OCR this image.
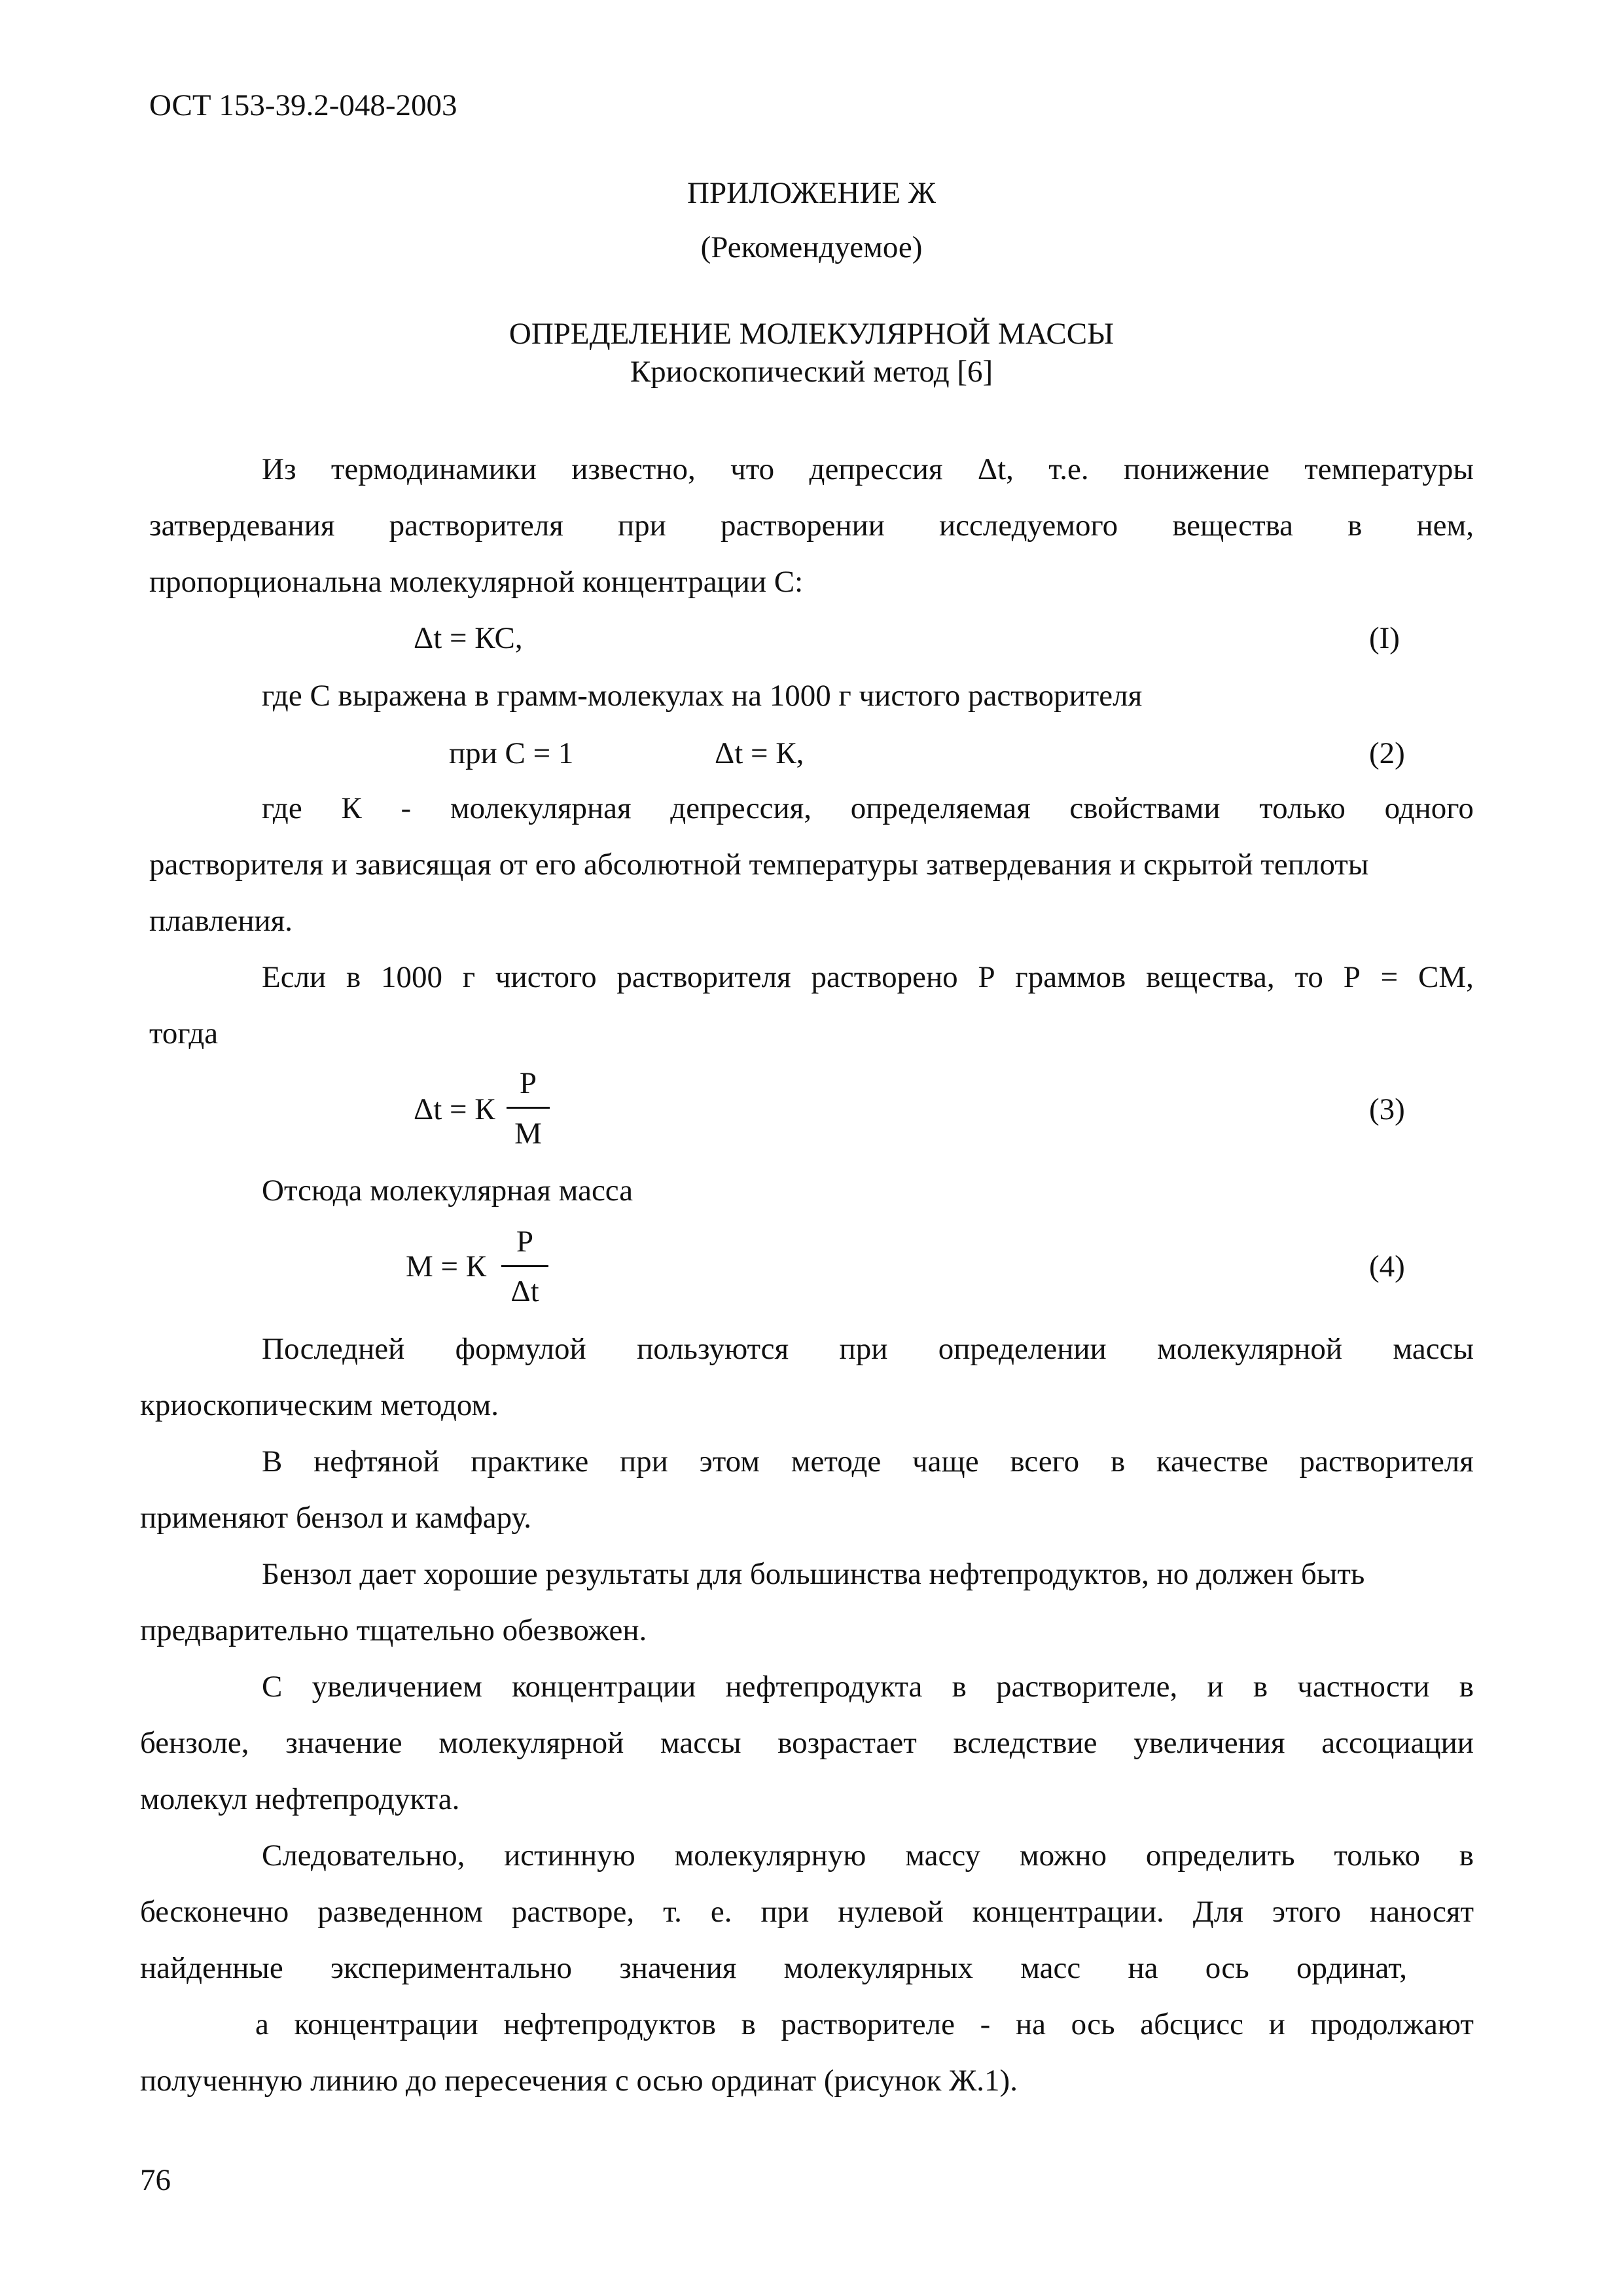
ОСТ 153-39.2-048-2003
ПРИЛОЖЕНИЕ Ж
(Рекомендуемое)
ОПРЕДЕЛЕНИЕ МОЛЕКУЛЯРНОЙ МАССЫ
Криоскопический метод [6]
Из термодинамики известно, что депрессия Δt, т.е. понижение температуры
затвердевания растворителя при растворении исследуемого вещества в нем,
пропорциональна молекулярной концентрации С:
Δt = КС,	(I)
где С выражена в грамм-молекулах на 1000 г чистого растворителя
при С = 1	Δt = К,	(2)
где К - молекулярная депрессия, определяемая свойствами только одного
растворителя и зависящая от его абсолютной температуры затвердевания и скрытой теплоты
плавления.
Если в 1000 г чистого растворителя растворено Р граммов вещества, то Р = СМ,
тогда
Δt = К
Р
М
(3)
Отсюда молекулярная масса
М = К
Р
Δt
(4)
Последней формулой пользуются при определении молекулярной массы
криоскопическим методом.
В нефтяной практике при этом методе чаще всего в качестве растворителя
применяют бензол и камфару.
Бензол дает хорошие результаты для большинства нефтепродуктов, но должен быть
предварительно тщательно обезвожен.
С увеличением концентрации нефтепродукта в растворителе, и в частности в
бензоле, значение молекулярной массы возрастает вследствие увеличения ассоциации
молекул нефтепродукта.
Следовательно, истинную молекулярную массу можно определить только в
бесконечно разведенном растворе, т. е. при нулевой концентрации. Для этого наносят
найденные экспериментально значения молекулярных масс на ось ординат,
а концентрации нефтепродуктов в растворителе - на ось абсцисс и продолжают
полученную линию до пересечения с осью ординат (рисунок Ж.1).
76
